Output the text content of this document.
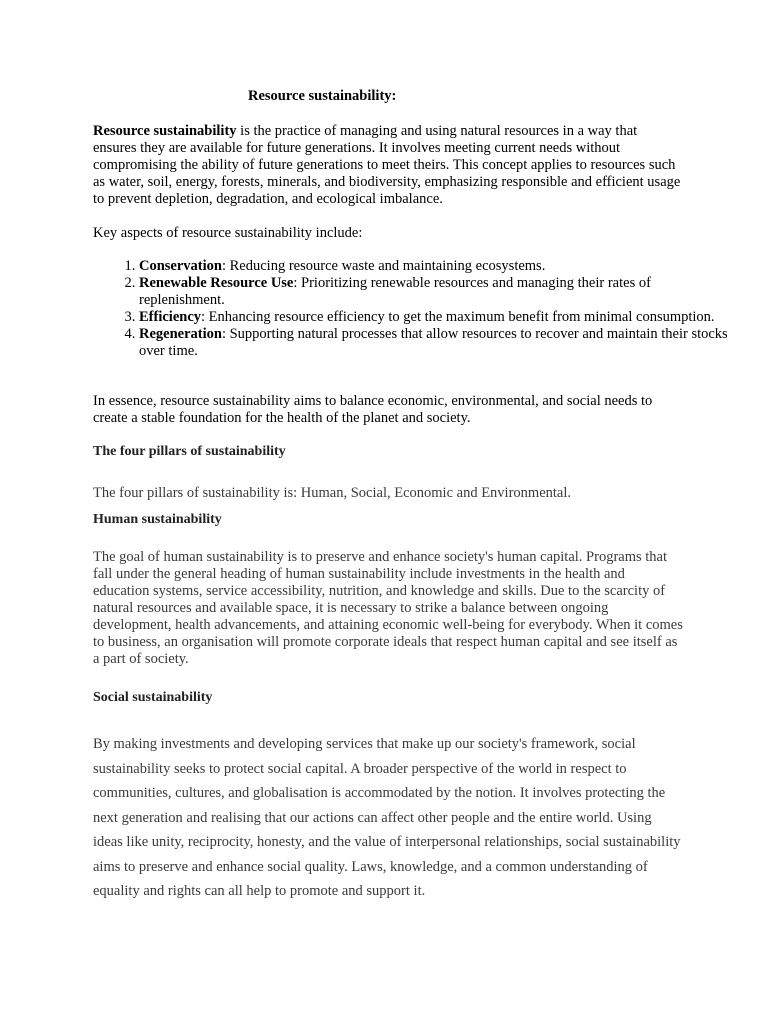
Resource sustainability:

Resource sustainability is the practice of managing and using natural resources in a way that ensures they are available for future generations. It involves meeting current needs without compromising the ability of future generations to meet theirs. This concept applies to resources such as water, soil, energy, forests, minerals, and biodiversity, emphasizing responsible and efficient usage to prevent depletion, degradation, and ecological imbalance.

Key aspects of resource sustainability include:

1. Conservation: Reducing resource waste and maintaining ecosystems.
2. Renewable Resource Use: Prioritizing renewable resources and managing their rates of replenishment.
3. Efficiency: Enhancing resource efficiency to get the maximum benefit from minimal consumption.
4. Regeneration: Supporting natural processes that allow resources to recover and maintain their stocks over time.

In essence, resource sustainability aims to balance economic, environmental, and social needs to create a stable foundation for the health of the planet and society.

The four pillars of sustainability

The four pillars of sustainability is: Human, Social, Economic and Environmental.

Human sustainability

The goal of human sustainability is to preserve and enhance society's human capital. Programs that fall under the general heading of human sustainability include investments in the health and education systems, service accessibility, nutrition, and knowledge and skills. Due to the scarcity of natural resources and available space, it is necessary to strike a balance between ongoing development, health advancements, and attaining economic well-being for everybody. When it comes to business, an organisation will promote corporate ideals that respect human capital and see itself as a part of society.

Social sustainability

By making investments and developing services that make up our society's framework, social sustainability seeks to protect social capital. A broader perspective of the world in respect to communities, cultures, and globalisation is accommodated by the notion. It involves protecting the next generation and realising that our actions can affect other people and the entire world. Using ideas like unity, reciprocity, honesty, and the value of interpersonal relationships, social sustainability aims to preserve and enhance social quality. Laws, knowledge, and a common understanding of equality and rights can all help to promote and support it.
